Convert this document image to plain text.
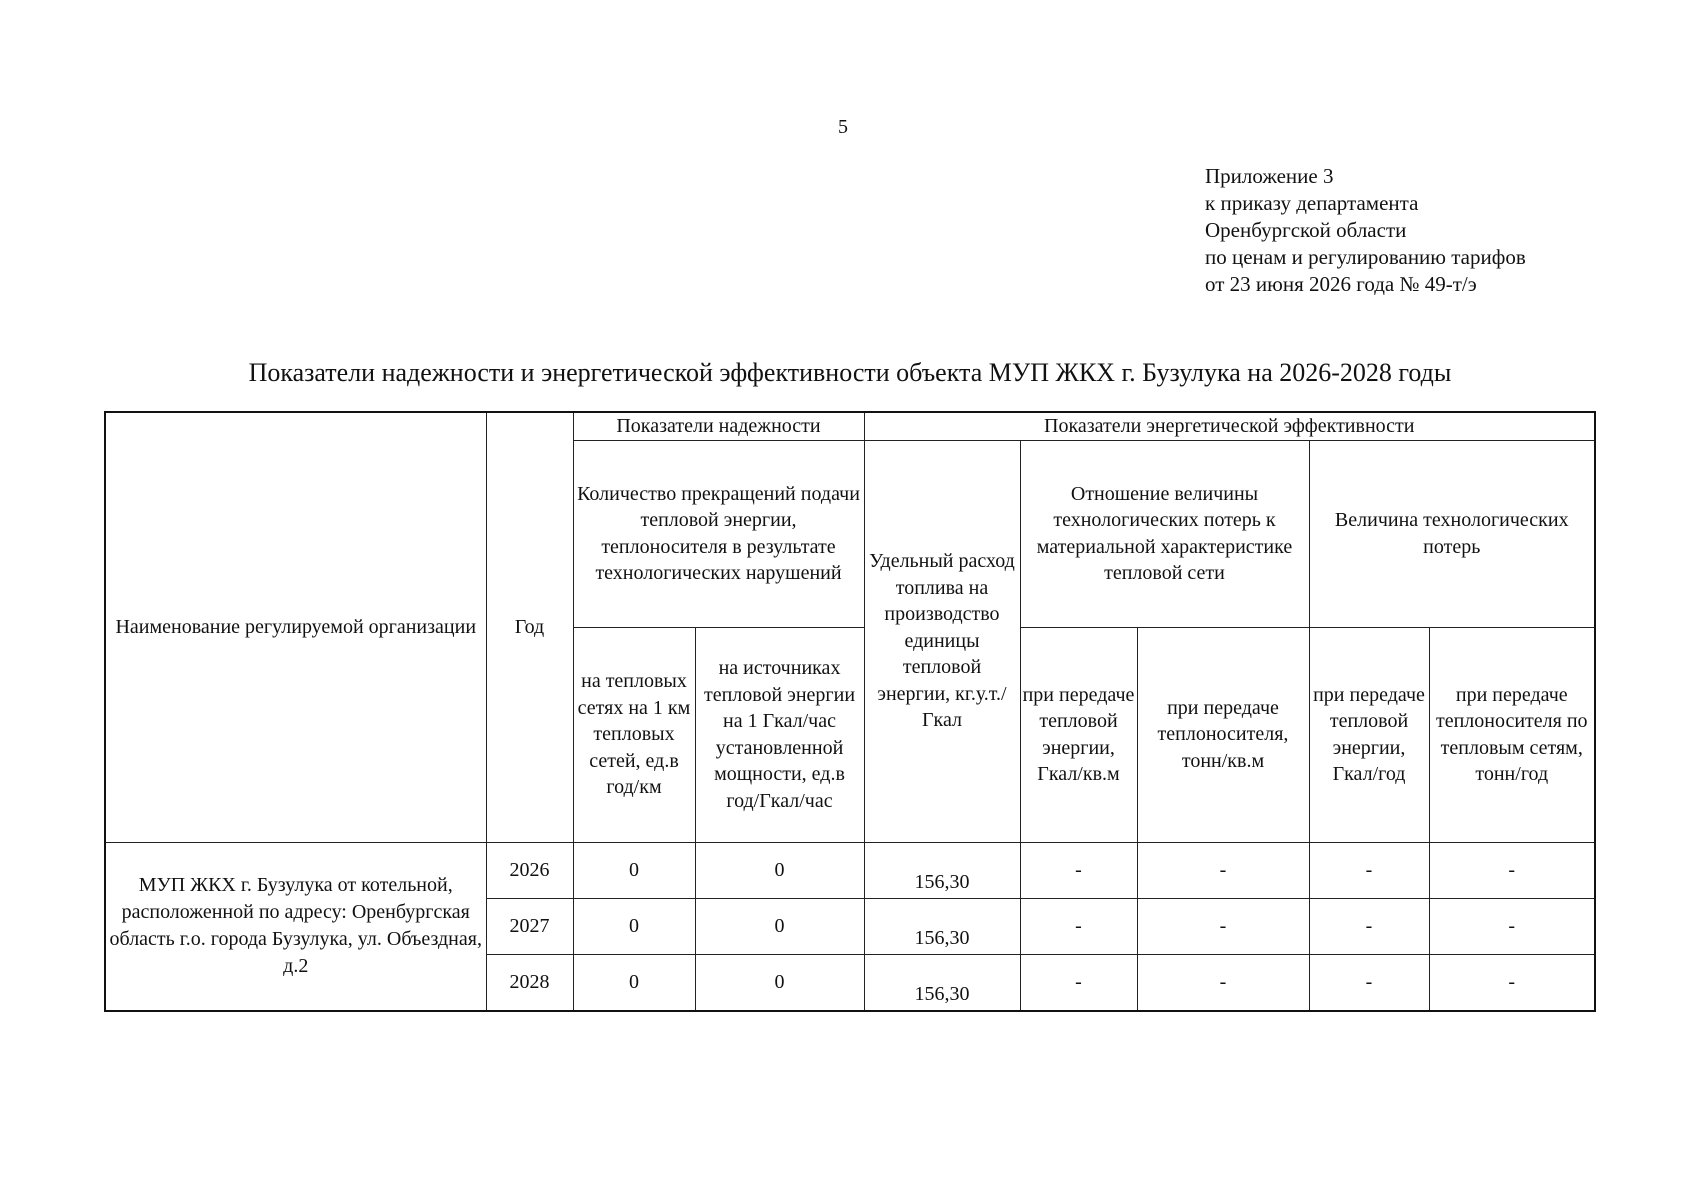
5
Приложение 3
к приказу департамента
Оренбургской области
по ценам и регулированию тарифов
от 23 июня 2026 года № 49-т/э
Показатели надежности и энергетической эффективности объекта МУП ЖКХ г. Бузулука на 2026-2028 годы
Наименование регулируемой организации	Год	Показатели надежности		Показатели энергетической эффективности				
		Количество прекращений подачи тепловой энергии, теплоносителя в результате технологических нарушений		Удельный расход топлива на производство единицы тепловой энергии, кг.у.т./Гкал	Отношение величины технологических потерь к материальной характеристике тепловой сети		Величина технологических потерь	
		на тепловых сетях на 1 км тепловых сетей, ед.в год/км	на источниках тепловой энергии на 1 Гкал/час установленной мощности, ед.в год/Гкал/час		при передаче тепловой энергии, Гкал/кв.м	при передаче теплоносителя, тонн/кв.м	при передаче тепловой энергии, Гкал/год	при передаче теплоносителя по тепловым сетям, тонн/год
МУП ЖКХ г. Бузулука от котельной, расположенной по адресу: Оренбургская область г.о. города Бузулука, ул. Объездная, д.2	2026	0	0	156,30	-	-	-	-
	2027	0	0	156,30	-	-	-	-
	2028	0	0	156,30	-	-	-	-
